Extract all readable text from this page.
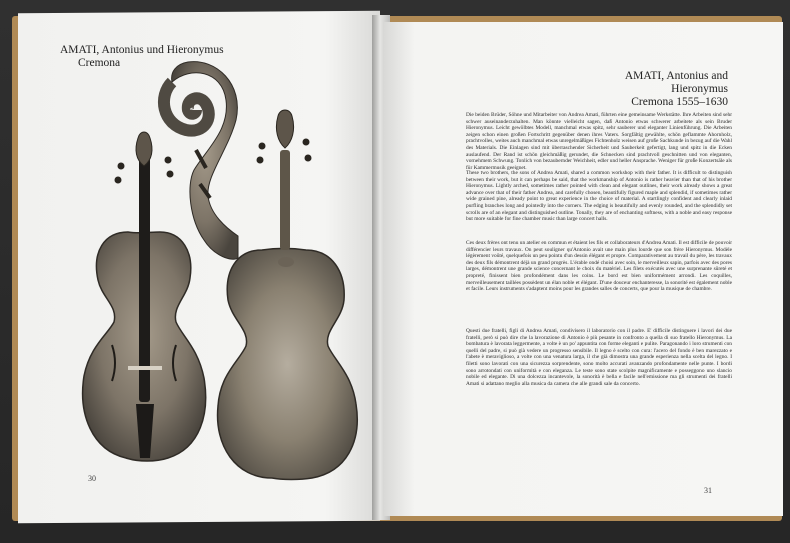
AMATI, Antonius und Hieronymus
Cremona
30
AMATI, Antonius and Hieronymus
Cremona 1555–1630
Die beiden Brüder, Söhne und Mitarbeiter von Andrea Amati, führten eine gemeinsame Werkstätte. Ihre Arbeiten sind sehr schwer auseinanderzuhalten. Man könnte vielleicht sagen, daß Antonio etwas schwerer arbeitete als sein Bruder Hieronymus. Leicht gewölbtes Modell, manchmal etwas spitz, sehr sauberer und eleganter Linienführung. Die Arbeiten zeigen schon einen großen Fortschritt gegenüber denen ihres Vaters. Sorgfältig gewählte, schön geflammte Ahornholz, prachtvolles, weites auch manchmal etwas unregelmäßiges Fichtenholz weisen auf große Sachkunde in bezug auf die Wahl des Materials. Die Einlagen sind mit überraschender Sicherheit und Sauberkeit gefertigt, lang und spitz in die Ecken auslaufend. Der Rand ist schön gleichmäßig gerundet, die Schnecken sind prachtvoll geschnitten und von eleganten, vornehmem Schwung. Tonlich von bezaubernder Weichheit, edler und heller Ansprache. Weniger für große Konzertsäle als für Kammermusik geeignet.
These two brothers, the sons of Andrea Amati, shared a common workshop with their father. It is difficult to distinguish between their work, but it can perhaps be said, that the workmanship of Antonio is rather heavier than that of his brother Hieronymus. Lightly arched, sometimes rather pointed with clean and elegant outlines, their work already shows a great advance over that of their father Andrea, and carefully chosen, beautifully figured maple and splendid, if sometimes rather wide grained pine, already point to great experience in the choice of material. A startlingly confident and clearly inlaid purfling branches long and pointedly into the corners. The edging is beautifully and evenly rounded, and the splendidly set scrolls are of an elegant and distinguished outline. Tonally, they are of enchanting softness, with a noble and easy response but more suitable for fine chamber music than large concert halls.
Ces deux frères ont tenu un atelier en commun et étaient les fils et collaborateurs d'Andrea Amati. Il est difficile de pouvoir différencier leurs travaux. On peut souligner qu'Antonio avait une main plus lourde que son frère Hieronymus. Modèle légèrement voûté, quelquefois un peu pointu d'un dessin élégant et propre. Comparativement au travail du père, les travaux des deux fils démontrent déjà un grand progrès. L'érable ondé choisi avec soin, le merveilleux sapin, parfois avec des pores larges, démontrent une grande science concernant le choix du matériel. Les filets exécutés avec une surprenante sûreté et propreté, finissent bien profondément dans les coins. Le bord est bien uniformément arrondi. Les coquilles, merveilleusement taillées possèdent un élan noble et élégant. D'une douceur enchanteresse, la sonorité est également noble et facile. Leurs instruments s'adaptent moins pour les grandes salles de concerts, que pour la musique de chambre.
Questi due fratelli, figli di Andrea Amati, condivisero il laboratorio con il padre. E' difficile distinguere i lavori dei due fratelli, però si può dire che la lavorazione di Antonio è più pesante in confronto a quella di suo fratello Hieronymus. La bombatura è lavorata leggermente, a volte è un po' appuntita con forme eleganti e pulite. Paragonando i loro strumenti con quelli del padre, si può già vedere un progresso sensibile. Il legno è scelto con cura: l'acero del fondo è ben marezzato e l'abete è meraviglioso, a volte con una venatura larga, il che già dimostra una grande esperienza nella scelta del legno. I filetti sono lavorati con una sicurezza sorprendente, sono molto accurati avanzando profondamente nelle punte. I bordi sono arrotondati con uniformità e con eleganza. Le teste sono state scolpite magnificamente e posseggono uno slancio nobile ed elegante. Di una dolcezza incantevole, la sonorità è bella e facile nell'emissione ma gli strumenti dei fratelli Amati si adattano meglio alla musica da camera che alle grandi sale da concerto.
31
